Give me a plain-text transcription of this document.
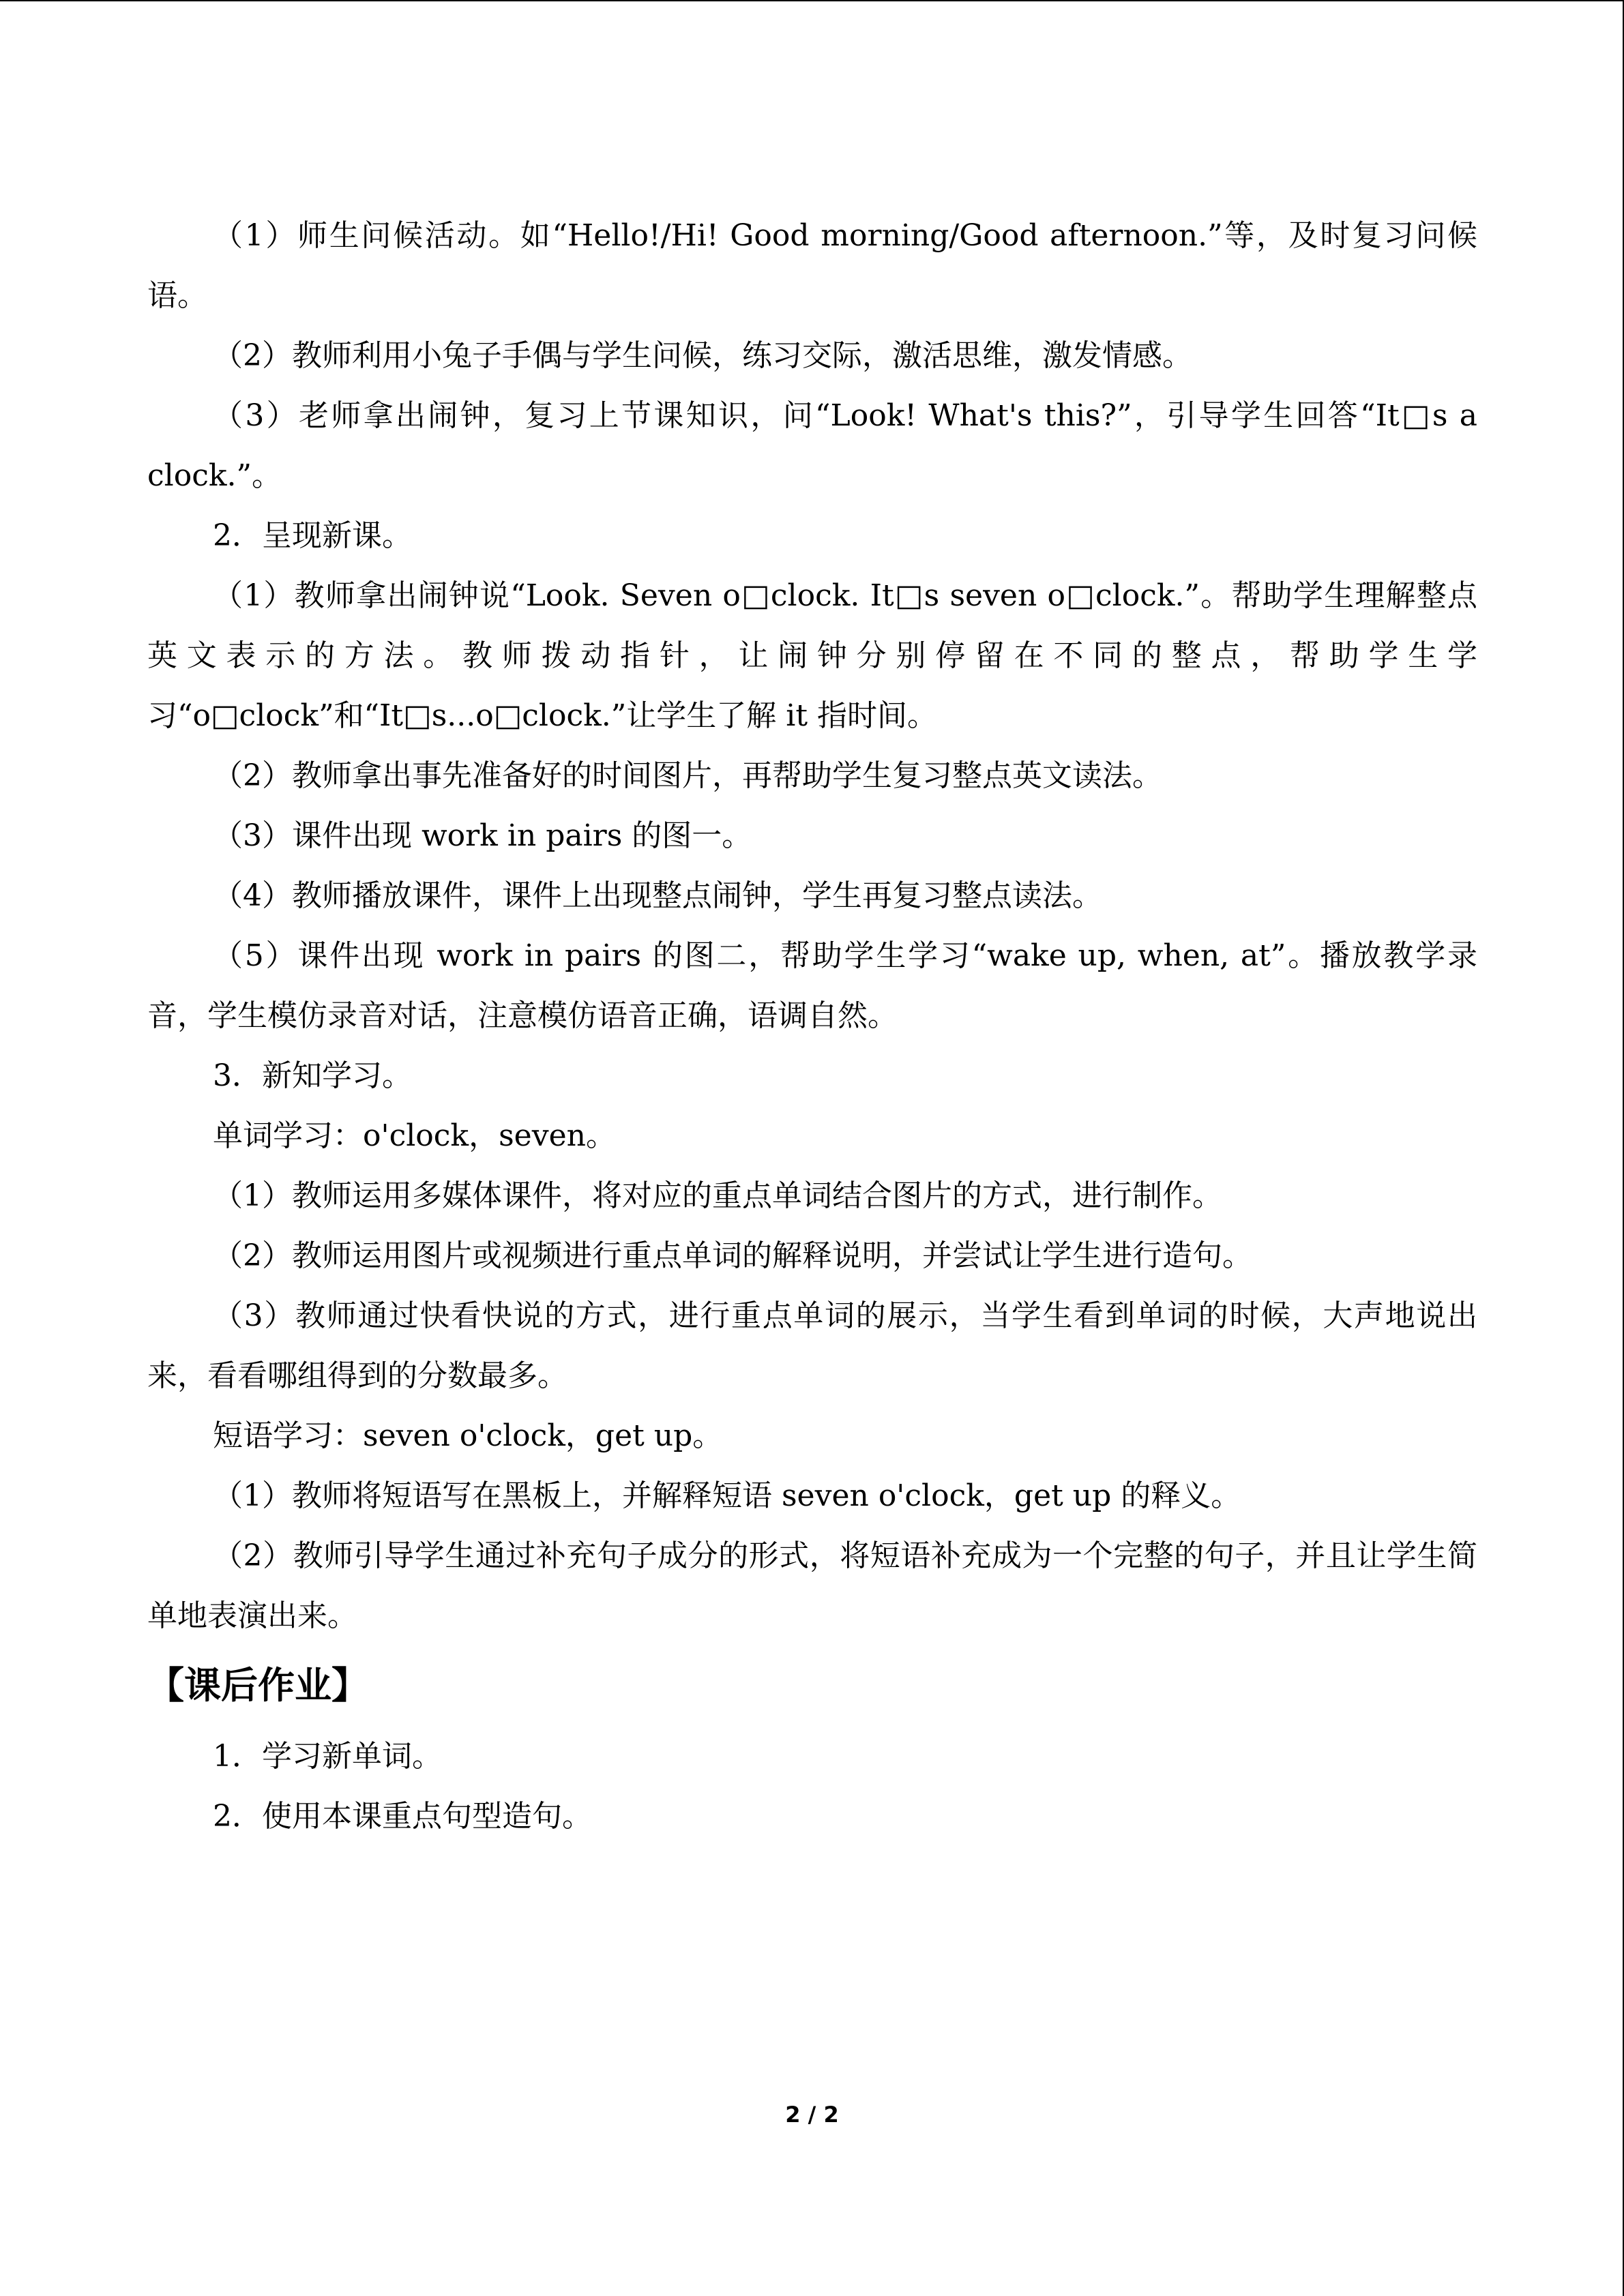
（1）师生问候活动。如“Hello!/Hi! Good morning/Good afternoon.”等，及时复习问候语。

（2）教师利用小兔子手偶与学生问候，练习交际，激活思维，激发情感。

（3）老师拿出闹钟，复习上节课知识，问“Look! What's this?”，引导学生回答“It□s a clock.”。

2．呈现新课。

（1）教师拿出闹钟说“Look. Seven o□clock. It□s seven o□clock.”。帮助学生理解整点英文表示的方法。教师拨动指针，让闹钟分别停留在不同的整点，帮助学生学习“o□clock”和“It□s...o□clock.”让学生了解 it 指时间。

（2）教师拿出事先准备好的时间图片，再帮助学生复习整点英文读法。

（3）课件出现 work in pairs 的图一。

（4）教师播放课件，课件上出现整点闹钟，学生再复习整点读法。

（5）课件出现 work in pairs 的图二，帮助学生学习“wake up, when, at”。播放教学录音，学生模仿录音对话，注意模仿语音正确，语调自然。

3．新知学习。

单词学习：o'clock，seven。

（1）教师运用多媒体课件，将对应的重点单词结合图片的方式，进行制作。

（2）教师运用图片或视频进行重点单词的解释说明，并尝试让学生进行造句。

（3）教师通过快看快说的方式，进行重点单词的展示，当学生看到单词的时候，大声地说出来，看看哪组得到的分数最多。

短语学习：seven o'clock，get up。

（1）教师将短语写在黑板上，并解释短语 seven o'clock，get up 的释义。

（2）教师引导学生通过补充句子成分的形式，将短语补充成为一个完整的句子，并且让学生简单地表演出来。

【课后作业】

1．学习新单词。

2．使用本课重点句型造句。

2 / 2
